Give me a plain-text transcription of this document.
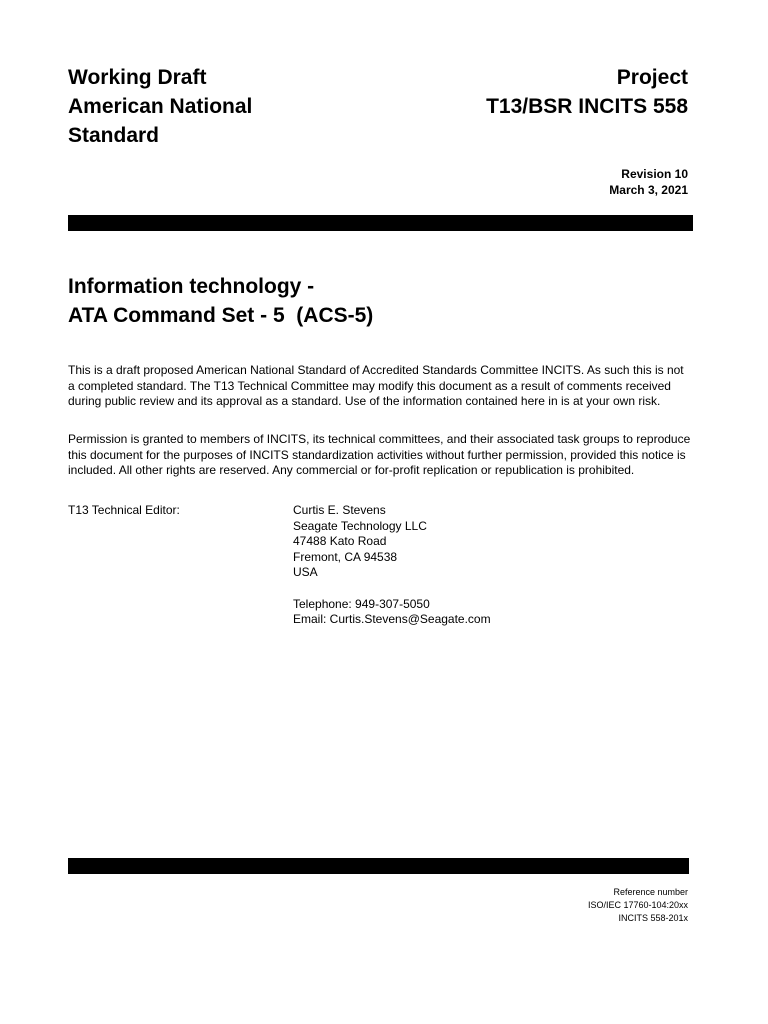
Working Draft
American National
Standard
Project
T13/BSR INCITS 558
Revision 10
March 3, 2021
Information technology -
ATA Command Set - 5  (ACS-5)
This is a draft proposed American National Standard of Accredited Standards Committee INCITS. As such this is not a completed standard. The T13 Technical Committee may modify this document as a result of comments received during public review and its approval as a standard. Use of the information contained here in is at your own risk.
Permission is granted to members of INCITS, its technical committees, and their associated task groups to reproduce this document for the purposes of INCITS standardization activities without further permission, provided this notice is included. All other rights are reserved. Any commercial or for-profit replication or republication is prohibited.
T13 Technical Editor:	Curtis E. Stevens
Seagate Technology LLC
47488 Kato Road
Fremont, CA 94538
USA
Telephone: 949-307-5050
Email: Curtis.Stevens@Seagate.com
Reference number
ISO/IEC 17760-104:20xx
INCITS 558-201x
